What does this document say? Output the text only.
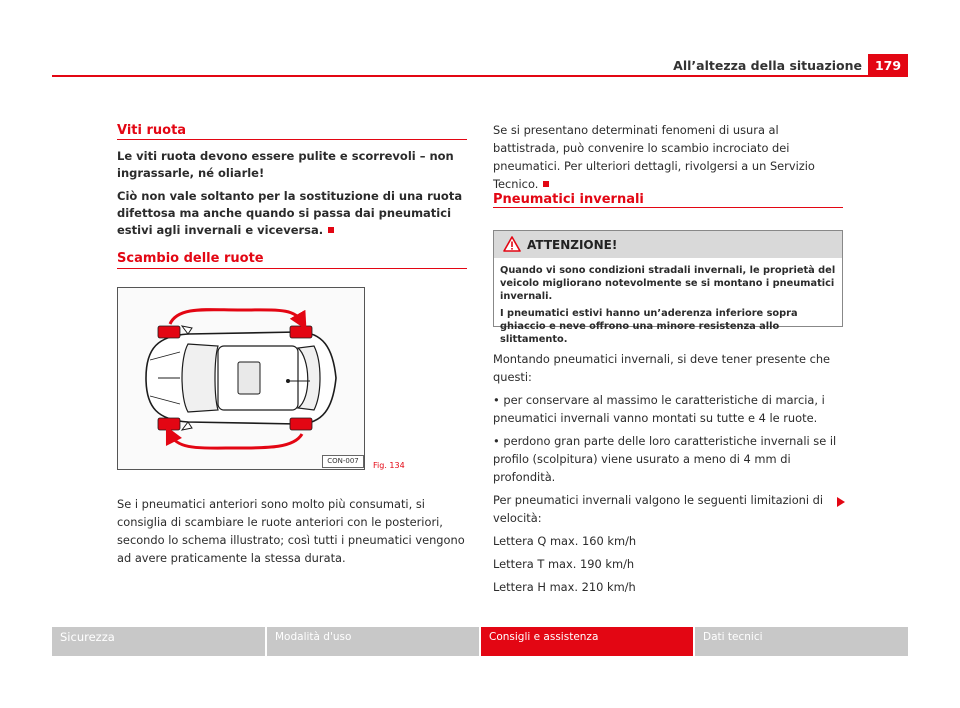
All’altezza della situazione	179
Viti ruota

Le viti ruota devono essere pulite e scorrevoli – non ingrassarle, né oliarle!

Ciò non vale soltanto per la sostituzione di una ruota difettosa ma anche quando si passa dai pneumatici estivi agli invernali e viceversa.

Scambio delle ruote
CON-007	Fig. 134

Se i pneumatici anteriori sono molto più consumati, si consiglia di scambiare le ruote anteriori con le posteriori, secondo lo schema illustrato; così tutti i pneumatici vengono ad avere praticamente la stessa durata.

Se si presentano determinati fenomeni di usura al battistrada, può convenire lo scambio incrociato dei pneumatici. Per ulteriori dettagli, rivolgersi a un Servizio Tecnico.

Pneumatici invernali
ATTENZIONE!

Quando vi sono condizioni stradali invernali, le proprietà del veicolo migliorano notevolmente se si montano i pneumatici invernali.

I pneumatici estivi hanno un’aderenza inferiore sopra ghiaccio e neve offrono una minore resistenza allo slittamento.

Montando pneumatici invernali, si deve tener presente che questi:

• per conservare al massimo le caratteristiche di marcia, i pneumatici invernali vanno montati su tutte e 4 le ruote.

• perdono gran parte delle loro caratteristiche invernali se il profilo (scolpitura) viene usurato a meno di 4 mm di profondità.

Per pneumatici invernali valgono le seguenti limitazioni di velocità:

Lettera Q max. 160 km/h

Lettera T max. 190 km/h

Lettera H max. 210 km/h

Sicurezza	Modalità d'uso	Consigli e assistenza	Dati tecnici
